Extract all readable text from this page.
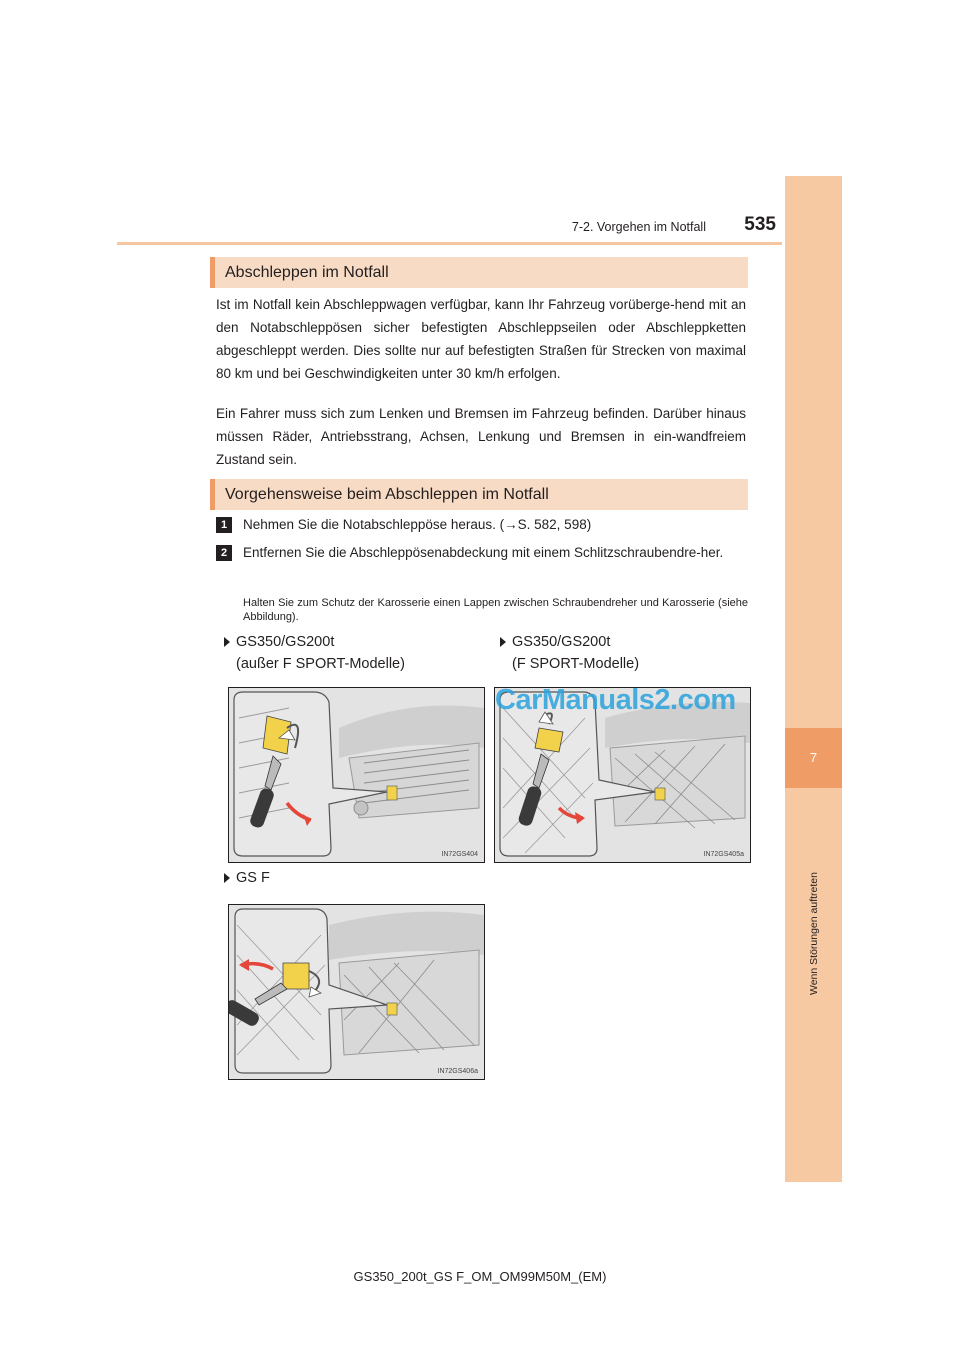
7-2. Vorgehen im Notfall	535
7
Wenn Störungen auftreten
Abschleppen im Notfall
Ist im Notfall kein Abschleppwagen verfügbar, kann Ihr Fahrzeug vorüberge-hend mit an den Notabschleppösen sicher befestigten Abschleppseilen oder Abschleppketten abgeschleppt werden. Dies sollte nur auf befestigten Straßen für Strecken von maximal 80 km und bei Geschwindigkeiten unter 30 km/h erfolgen.
Ein Fahrer muss sich zum Lenken und Bremsen im Fahrzeug befinden. Darüber hinaus müssen Räder, Antriebsstrang, Achsen, Lenkung und Bremsen in ein-wandfreiem Zustand sein.
Vorgehensweise beim Abschleppen im Notfall
1	Nehmen Sie die Notabschleppöse heraus. (→S. 582, 598)
2	Entfernen Sie die Abschleppösenabdeckung mit einem Schlitzschraubendre-her.
Halten Sie zum Schutz der Karosserie einen Lappen zwischen Schraubendreher und Karosserie (siehe Abbildung).
GS350/GS200t
(außer F SPORT-Modelle)
GS350/GS200t
(F SPORT-Modelle)
IN72GS404	IN72GS405a
CarManuals2.com
GS F
IN72GS406a
GS350_200t_GS F_OM_OM99M50M_(EM)
